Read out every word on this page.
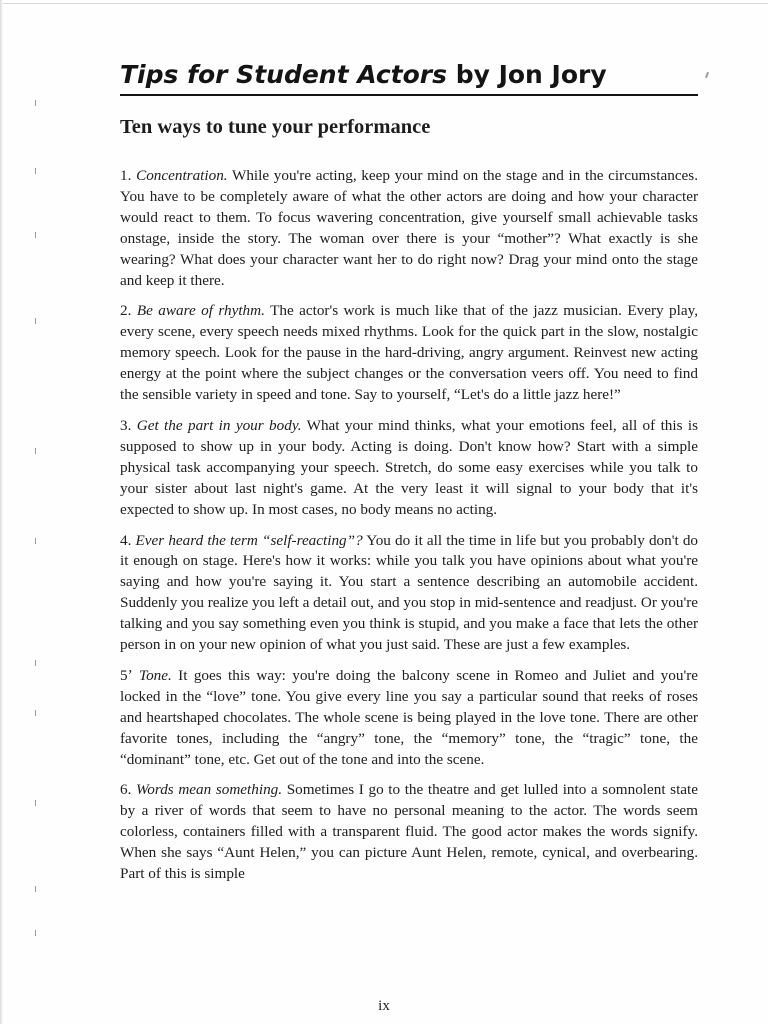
Tips for Student Actors by Jon Jory
Ten ways to tune your performance

1. Concentration. While you're acting, keep your mind on the stage and in the circumstances. You have to be completely aware of what the other actors are doing and how your character would react to them. To focus wavering concentration, give yourself small achievable tasks onstage, inside the story. The woman over there is your “mother”? What exactly is she wearing? What does your character want her to do right now? Drag your mind onto the stage and keep it there.

2. Be aware of rhythm. The actor's work is much like that of the jazz musician. Every play, every scene, every speech needs mixed rhythms. Look for the quick part in the slow, nostalgic memory speech. Look for the pause in the hard-driving, angry argument. Reinvest new acting energy at the point where the subject changes or the conversation veers off. You need to find the sensible variety in speed and tone. Say to yourself, “Let's do a little jazz here!”

3. Get the part in your body. What your mind thinks, what your emotions feel, all of this is supposed to show up in your body. Acting is doing. Don't know how? Start with a simple physical task accompanying your speech. Stretch, do some easy exercises while you talk to your sister about last night's game. At the very least it will signal to your body that it's expected to show up. In most cases, no body means no acting.

4. Ever heard the term “self-reacting”? You do it all the time in life but you probably don't do it enough on stage. Here's how it works: while you talk you have opinions about what you're saying and how you're saying it. You start a sentence describing an automobile accident. Suddenly you realize you left a detail out, and you stop in mid-sentence and readjust. Or you're talking and you say something even you think is stupid, and you make a face that lets the other person in on your new opinion of what you just said. These are just a few examples.

5ʼ Tone. It goes this way: you're doing the balcony scene in Romeo and Juliet and you're locked in the “love” tone. You give every line you say a particular sound that reeks of roses and heartshaped chocolates. The whole scene is being played in the love tone. There are other favorite tones, including the “angry” tone, the “memory” tone, the “tragic” tone, the “dominant” tone, etc. Get out of the tone and into the scene.

6. Words mean something. Sometimes I go to the theatre and get lulled into a somnolent state by a river of words that seem to have no personal meaning to the actor. The words seem colorless, containers filled with a transparent fluid. The good actor makes the words signify. When she says “Aunt Helen,” you can picture Aunt Helen, remote, cynical, and overbearing. Part of this is simple

ix
